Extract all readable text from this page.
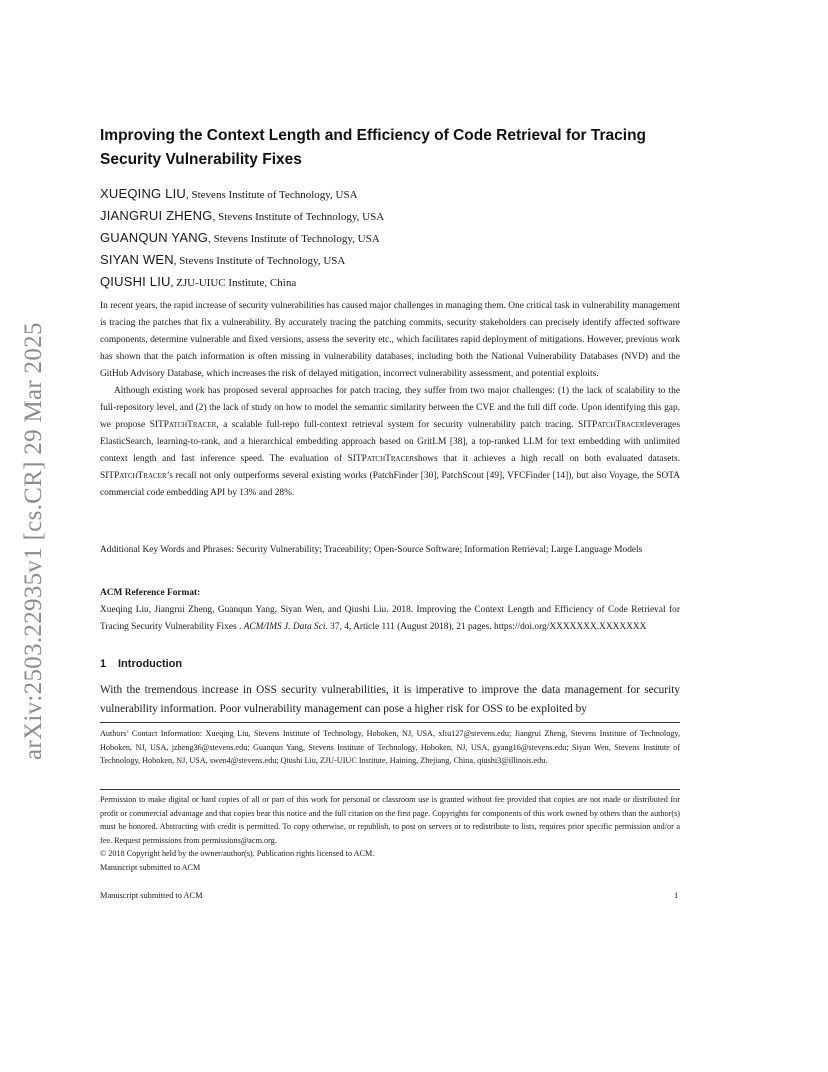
arXiv:2503.22935v1 [cs.CR] 29 Mar 2025
Improving the Context Length and Efficiency of Code Retrieval for Tracing Security Vulnerability Fixes
XUEQING LIU, Stevens Institute of Technology, USA
JIANGRUI ZHENG, Stevens Institute of Technology, USA
GUANQUN YANG, Stevens Institute of Technology, USA
SIYAN WEN, Stevens Institute of Technology, USA
QIUSHI LIU, ZJU-UIUC Institute, China

In recent years, the rapid increase of security vulnerabilities has caused major challenges in managing them. One critical task in vulnerability management is tracing the patches that fix a vulnerability. By accurately tracing the patching commits, security stakeholders can precisely identify affected software components, determine vulnerable and fixed versions, assess the severity etc., which facilitates rapid deployment of mitigations. However, previous work has shown that the patch information is often missing in vulnerability databases, including both the National Vulnerability Databases (NVD) and the GitHub Advisory Database, which increases the risk of delayed mitigation, incorrect vulnerability assessment, and potential exploits.

Although existing work has proposed several approaches for patch tracing, they suffer from two major challenges: (1) the lack of scalability to the full-repository level, and (2) the lack of study on how to model the semantic similarity between the CVE and the full diff code. Upon identifying this gap, we propose SITPatchTracer, a scalable full-repo full-context retrieval system for security vulnerability patch tracing. SITPatchTracerleverages ElasticSearch, learning-to-rank, and a hierarchical embedding approach based on GritLM [38], a top-ranked LLM for text embedding with unlimited context length and fast inference speed. The evaluation of SITPatchTracershows that it achieves a high recall on both evaluated datasets. SITPatchTracer’s recall not only outperforms several existing works (PatchFinder [30], PatchScout [49], VFCFinder [14]), but also Voyage, the SOTA commercial code embedding API by 13% and 28%.

Additional Key Words and Phrases: Security Vulnerability; Traceability; Open-Source Software; Information Retrieval; Large Language Models

ACM Reference Format:

Xueqing Liu, Jiangrui Zheng, Guanqun Yang, Siyan Wen, and Qiushi Liu. 2018. Improving the Context Length and Efficiency of Code Retrieval for Tracing Security Vulnerability Fixes . ACM/IMS J. Data Sci. 37, 4, Article 111 (August 2018), 21 pages. https://doi.org/XXXXXXX.XXXXXXX

1 Introduction

With the tremendous increase in OSS security vulnerabilities, it is imperative to improve the data management for security vulnerability information. Poor vulnerability management can pose a higher risk for OSS to be exploited by

Authors’ Contact Information: Xueqing Liu, Stevens Institute of Technology, Hoboken, NJ, USA, xliu127@stevens.edu; Jiangrui Zheng, Stevens Institute of Technology, Hoboken, NJ, USA, jzheng36@stevens.edu; Guanqun Yang, Stevens Institute of Technology, Hoboken, NJ, USA, gyang16@stevens.edu; Siyan Wen, Stevens Institute of Technology, Hoboken, NJ, USA, swen4@stevens.edu; Qiushi Liu, ZJU-UIUC Institute, Haining, Zhejiang, China, qiushi3@illinois.edu.

Permission to make digital or hard copies of all or part of this work for personal or classroom use is granted without fee provided that copies are not made or distributed for profit or commercial advantage and that copies bear this notice and the full citation on the first page. Copyrights for components of this work owned by others than the author(s) must be honored. Abstracting with credit is permitted. To copy otherwise, or republish, to post on servers or to redistribute to lists, requires prior specific permission and/or a fee. Request permissions from permissions@acm.org.

© 2018 Copyright held by the owner/author(s). Publication rights licensed to ACM.

Manuscript submitted to ACM

Manuscript submitted to ACM	1
